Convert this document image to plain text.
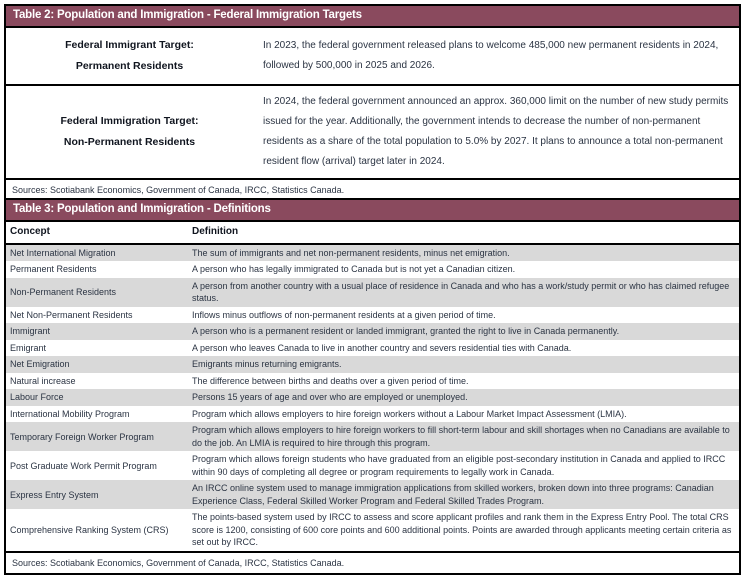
Table 2: Population and Immigration - Federal Immigration Targets
Federal Immigrant Target:
Permanent Residents	In 2023, the federal government released plans to welcome 485,000 new permanent residents in 2024, followed by 500,000 in 2025 and 2026.

Federal Immigration Target:
Non-Permanent Residents	In 2024, the federal government announced an approx. 360,000 limit on the number of new study permits issued for the year. Additionally, the government intends to decrease the number of non-permanent residents as a share of the total population to 5.0% by 2027. It plans to announce a total non-permanent resident flow (arrival) target later in 2024.
Sources: Scotiabank Economics, Government of Canada, IRCC, Statistics Canada.
Table 3: Population and Immigration - Definitions
Concept	Definition
Net International Migration	The sum of immigrants and net non-permanent residents, minus net emigration.
Permanent Residents	A person who has legally immigrated to Canada but is not yet a Canadian citizen.
Non-Permanent Residents	A person from another country with a usual place of residence in Canada and who has a work/study permit or who has claimed refugee status.
Net Non-Permanent Residents	Inflows minus outflows of non-permanent residents at a given period of time.
Immigrant	A person who is a permanent resident or landed immigrant, granted the right to live in Canada permanently.
Emigrant	A person who leaves Canada to live in another country and severs residential ties with Canada.
Net Emigration	Emigrants minus returning emigrants.
Natural increase	The difference between births and deaths over a given period of time.
Labour Force	Persons 15 years of age and over who are employed or unemployed.
International Mobility Program	Program which allows employers to hire foreign workers without a Labour Market Impact Assessment (LMIA).
Temporary Foreign Worker Program	Program which allows employers to hire foreign workers to fill short-term labour and skill shortages when no Canadians are available to do the job. An LMIA is required to hire through this program.
Post Graduate Work Permit Program	Program which allows foreign students who have graduated from an eligible post-secondary institution in Canada and applied to IRCC within 90 days of completing all degree or program requirements to legally work in Canada.
Express Entry System	An IRCC online system used to manage immigration applications from skilled workers, broken down into three programs: Canadian Experience Class, Federal Skilled Worker Program and Federal Skilled Trades Program.
Comprehensive Ranking System (CRS)	The points-based system used by IRCC to assess and score applicant profiles and rank them in the Express Entry Pool. The total CRS score is 1200, consisting of 600 core points and 600 additional points. Points are awarded through applicants meeting certain criteria as set out by IRCC.
Sources: Scotiabank Economics, Government of Canada, IRCC, Statistics Canada.
